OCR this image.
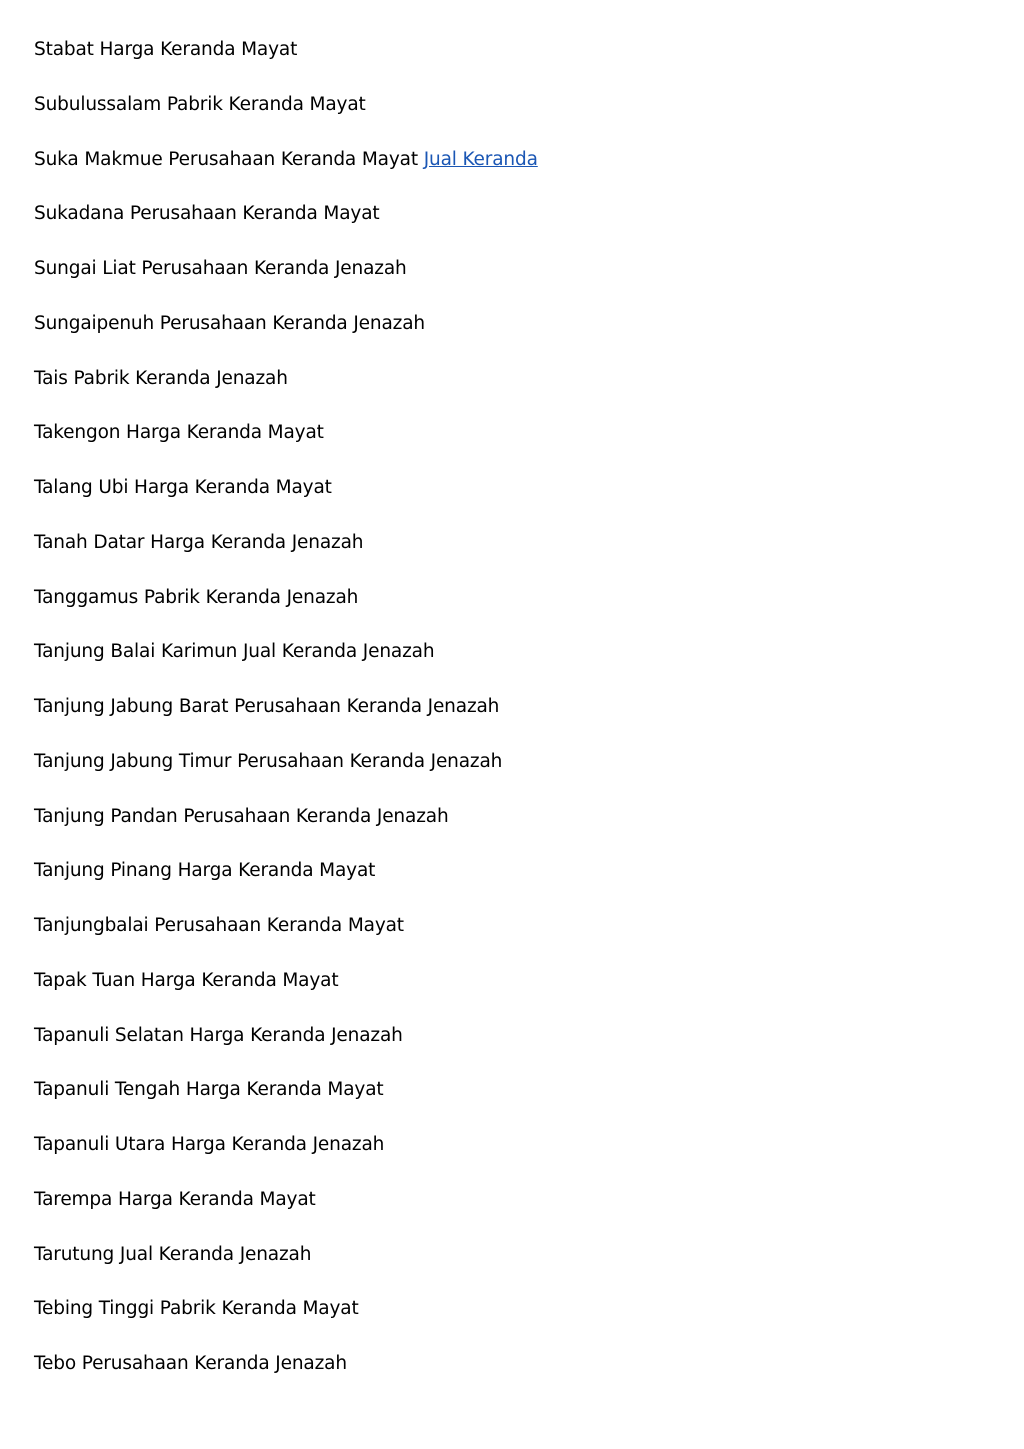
Stabat Harga Keranda Mayat
Subulussalam Pabrik Keranda Mayat
Suka Makmue Perusahaan Keranda Mayat Jual Keranda
Sukadana Perusahaan Keranda Mayat
Sungai Liat Perusahaan Keranda Jenazah
Sungaipenuh Perusahaan Keranda Jenazah
Tais Pabrik Keranda Jenazah
Takengon Harga Keranda Mayat
Talang Ubi Harga Keranda Mayat
Tanah Datar Harga Keranda Jenazah
Tanggamus Pabrik Keranda Jenazah
Tanjung Balai Karimun Jual Keranda Jenazah
Tanjung Jabung Barat Perusahaan Keranda Jenazah
Tanjung Jabung Timur Perusahaan Keranda Jenazah
Tanjung Pandan Perusahaan Keranda Jenazah
Tanjung Pinang Harga Keranda Mayat
Tanjungbalai Perusahaan Keranda Mayat
Tapak Tuan Harga Keranda Mayat
Tapanuli Selatan Harga Keranda Jenazah
Tapanuli Tengah Harga Keranda Mayat
Tapanuli Utara Harga Keranda Jenazah
Tarempa Harga Keranda Mayat
Tarutung Jual Keranda Jenazah
Tebing Tinggi Pabrik Keranda Mayat
Tebo Perusahaan Keranda Jenazah
